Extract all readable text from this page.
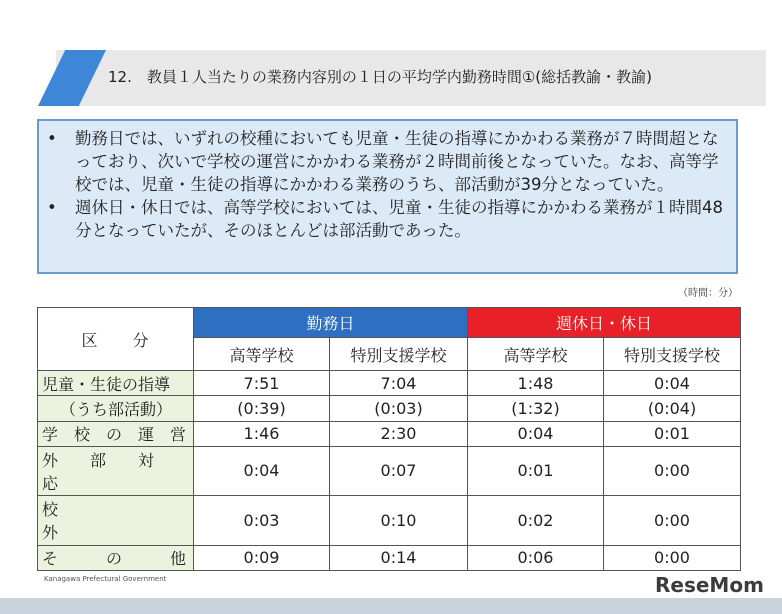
12.　教員１人当たりの業務内容別の１日の平均学内勤務時間①(総括教諭・教諭)
• 勤務日では、いずれの校種においても児童・生徒の指導にかかわる業務が７時間超となっており、次いで学校の運営にかかわる業務が２時間前後となっていた。なお、高等学校では、児童・生徒の指導にかかわる業務のうち、部活動が39分となっていた。
• 週休日・休日では、高等学校においては、児童・生徒の指導にかかわる業務が１時間48分となっていたが、そのほとんどは部活動であった。
（時間：分）
区　　分	勤務日		週休日・休日	
	高等学校	特別支援学校	高等学校	特別支援学校
児童・生徒の指導	7:51	7:04	1:48	0:04
（うち部活動）	(0:39)	(0:03)	(1:32)	(0:04)
学　校　の　運　営	1:46	2:30	0:04	0:01
外　　部　　対　　応	0:04	0:07	0:01	0:00
校　　　　　　　　外	0:03	0:10	0:02	0:00
そ　　　の　　　他	0:09	0:14	0:06	0:00
Kanagawa Prefectural Government	ReseMom
